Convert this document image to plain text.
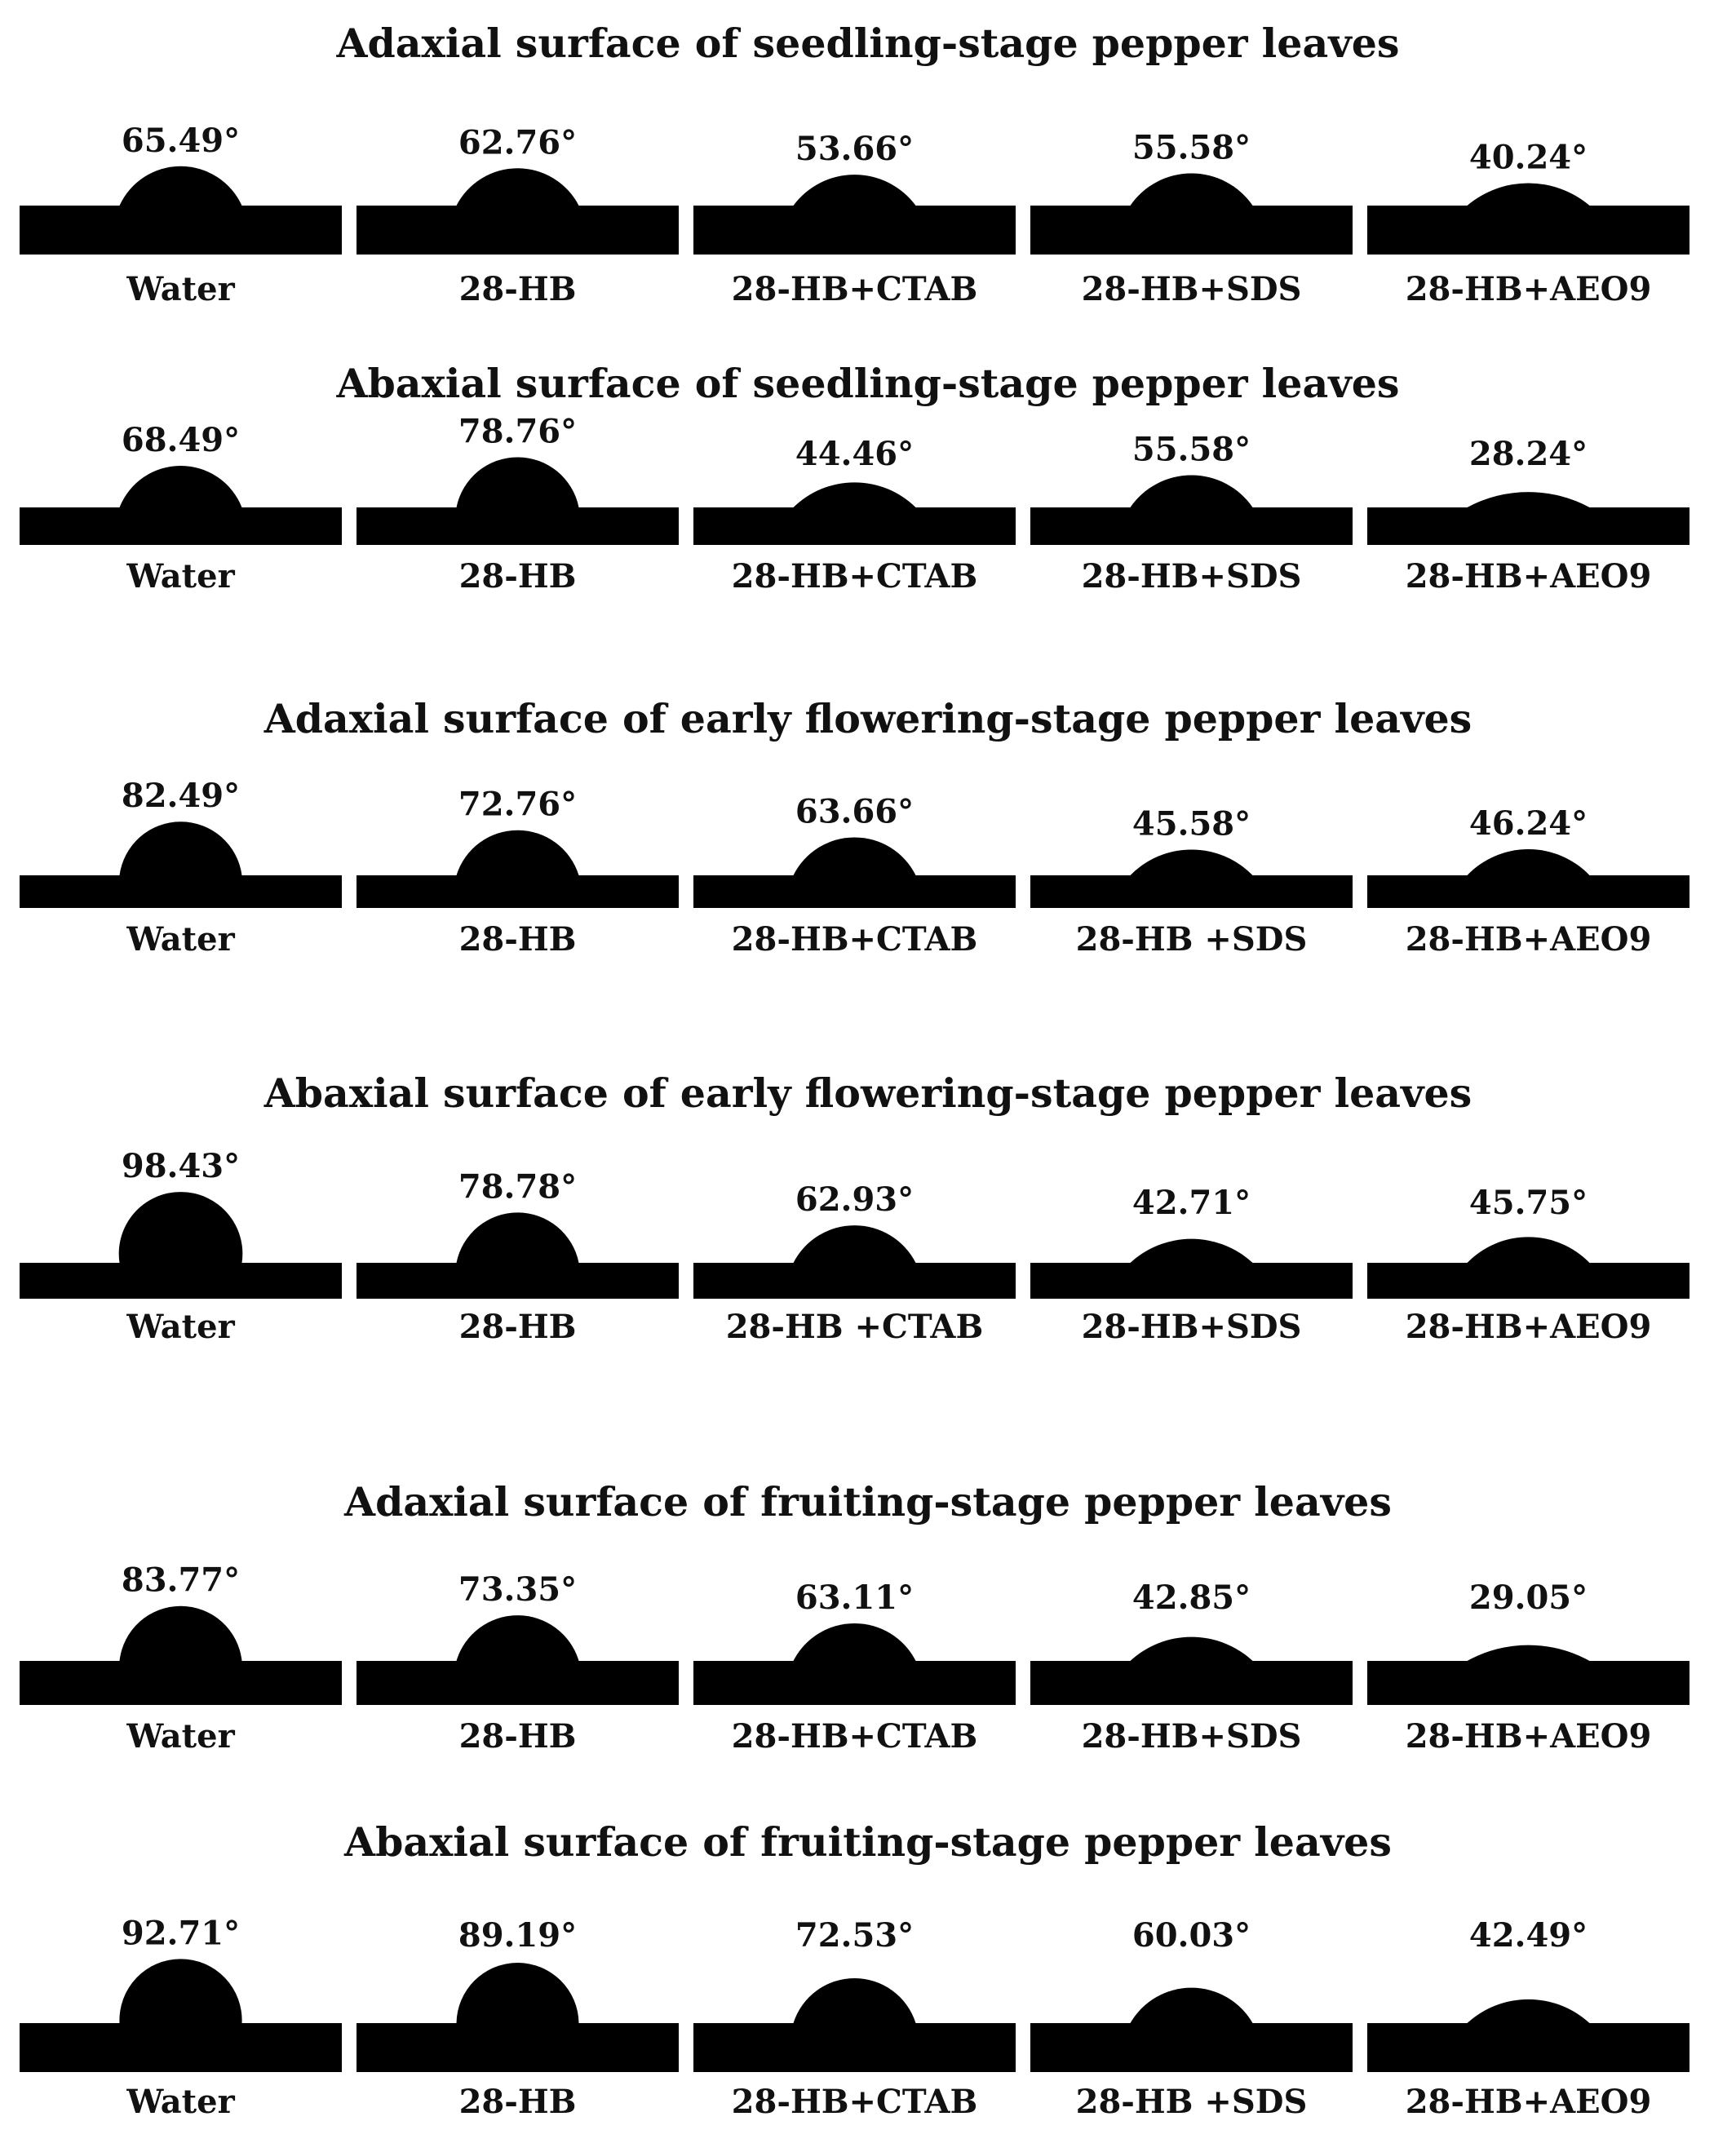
Adaxial surface of seedling-stage pepper leaves
65.49°
Water
62.76°
28-HB
53.66°
28-HB+CTAB
55.58°
28-HB+SDS
40.24°
28-HB+AEO9
Abaxial surface of seedling-stage pepper leaves
68.49°
Water
78.76°
28-HB
44.46°
28-HB+CTAB
55.58°
28-HB+SDS
28.24°
28-HB+AEO9
Adaxial surface of early flowering-stage pepper leaves
82.49°
Water
72.76°
28-HB
63.66°
28-HB+CTAB
45.58°
28-HB +SDS
46.24°
28-HB+AEO9
Abaxial surface of early flowering-stage pepper leaves
98.43°
Water
78.78°
28-HB
62.93°
28-HB +CTAB
42.71°
28-HB+SDS
45.75°
28-HB+AEO9
Adaxial surface of fruiting-stage pepper leaves
83.77°
Water
73.35°
28-HB
63.11°
28-HB+CTAB
42.85°
28-HB+SDS
29.05°
28-HB+AEO9
Abaxial surface of fruiting-stage pepper leaves
92.71°
Water
89.19°
28-HB
72.53°
28-HB+CTAB
60.03°
28-HB +SDS
42.49°
28-HB+AEO9
